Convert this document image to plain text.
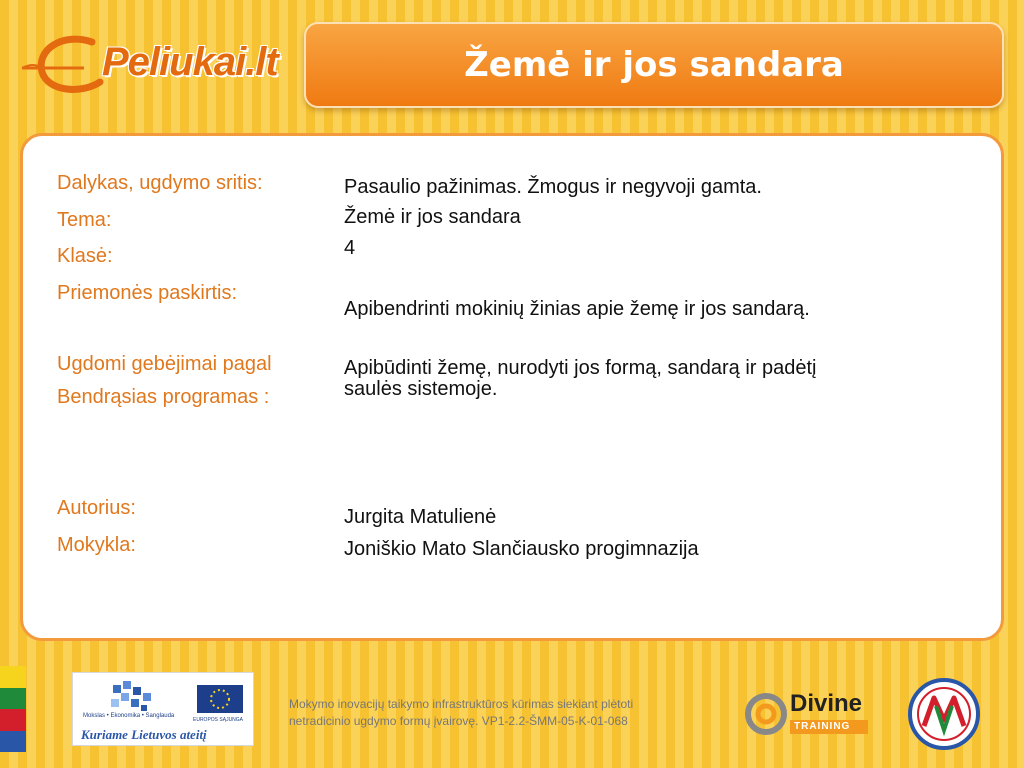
Peliukai.lt	Žemė ir jos sandara
Dalykas, ugdymo sritis:	Pasaulio pažinimas. Žmogus ir negyvoji gamta.
Tema:	Žemė ir jos sandara
Klasė:	4
Priemonės paskirtis:
Apibendrinti mokinių žinias apie žemę ir jos sandarą.
Ugdomi gebėjimai pagal
Bendrąsias programas :
Apibūdinti žemę, nurodyti jos formą, sandarą ir padėtį
saulės sistemoje.
Autorius:	Jurgita Matulienė
Mokykla:	Joniškio Mato Slančiausko progimnazija
Mokslas • Ekonomika • Sanglauda
EUROPOS SĄJUNGA
Kuriame Lietuvos ateitį
Mokymo inovacijų taikymo infrastruktūros kūrimas siekiant plėtoti
netradicinio ugdymo formų įvairovę. VP1-2.2-ŠMM-05-K-01-068
Divine
TRAINING
